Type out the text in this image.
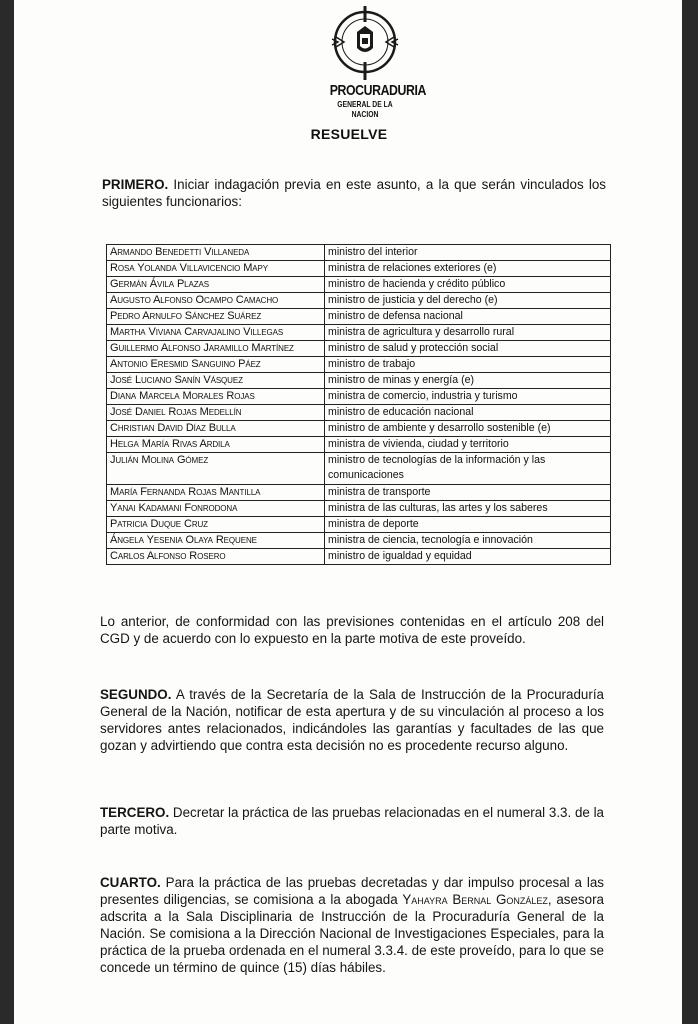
PROCURADURIA
GENERAL DE LA NACION
RESUELVE
PRIMERO. Iniciar indagación previa en este asunto, a la que serán vinculados los siguientes funcionarios:
Armando Benedetti Villaneda	ministro del interior
Rosa Yolanda Villavicencio Mapy	ministra de relaciones exteriores (e)
Germán Ávila Plazas	ministro de hacienda y crédito público
Augusto Alfonso Ocampo Camacho	ministro de justicia y del derecho (e)
Pedro Arnulfo Sánchez Suárez	ministro de defensa nacional
Martha Viviana Carvajalino Villegas	ministra de agricultura y desarrollo rural
Guillermo Alfonso Jaramillo Martínez	ministro de salud y protección social
Antonio Eresmid Sanguino Páez	ministro de trabajo
José Luciano Sanín Vásquez	ministro de minas y energía (e)
Diana Marcela Morales Rojas	ministra de comercio, industria y turismo
José Daniel Rojas Medellín	ministro de educación nacional
Christian David Díaz Bulla	ministro de ambiente y desarrollo sostenible (e)
Helga María Rivas Ardila	ministra de vivienda, ciudad y territorio
Julián Molina Gómez	ministro de tecnologías de la información y las comunicaciones
María Fernanda Rojas Mantilla	ministra de transporte
Yanai Kadamani Fonrodona	ministra de las culturas, las artes y los saberes
Patricia Duque Cruz	ministra de deporte
Ángela Yesenia Olaya Requene	ministra de ciencia, tecnología e innovación
Carlos Alfonso Rosero	ministro de igualdad y equidad
Lo anterior, de conformidad con las previsiones contenidas en el artículo 208 del CGD y de acuerdo con lo expuesto en la parte motiva de este proveído.
SEGUNDO. A través de la Secretaría de la Sala de Instrucción de la Procuraduría General de la Nación, notificar de esta apertura y de su vinculación al proceso a los servidores antes relacionados, indicándoles las garantías y facultades de las que gozan y advirtiendo que contra esta decisión no es procedente recurso alguno.
TERCERO. Decretar la práctica de las pruebas relacionadas en el numeral 3.3. de la parte motiva.
CUARTO. Para la práctica de las pruebas decretadas y dar impulso procesal a las presentes diligencias, se comisiona a la abogada Yahayra Bernal González, asesora adscrita a la Sala Disciplinaria de Instrucción de la Procuraduría General de la Nación. Se comisiona a la Dirección Nacional de Investigaciones Especiales, para la práctica de la prueba ordenada en el numeral 3.3.4. de este proveído, para lo que se concede un término de quince (15) días hábiles.
